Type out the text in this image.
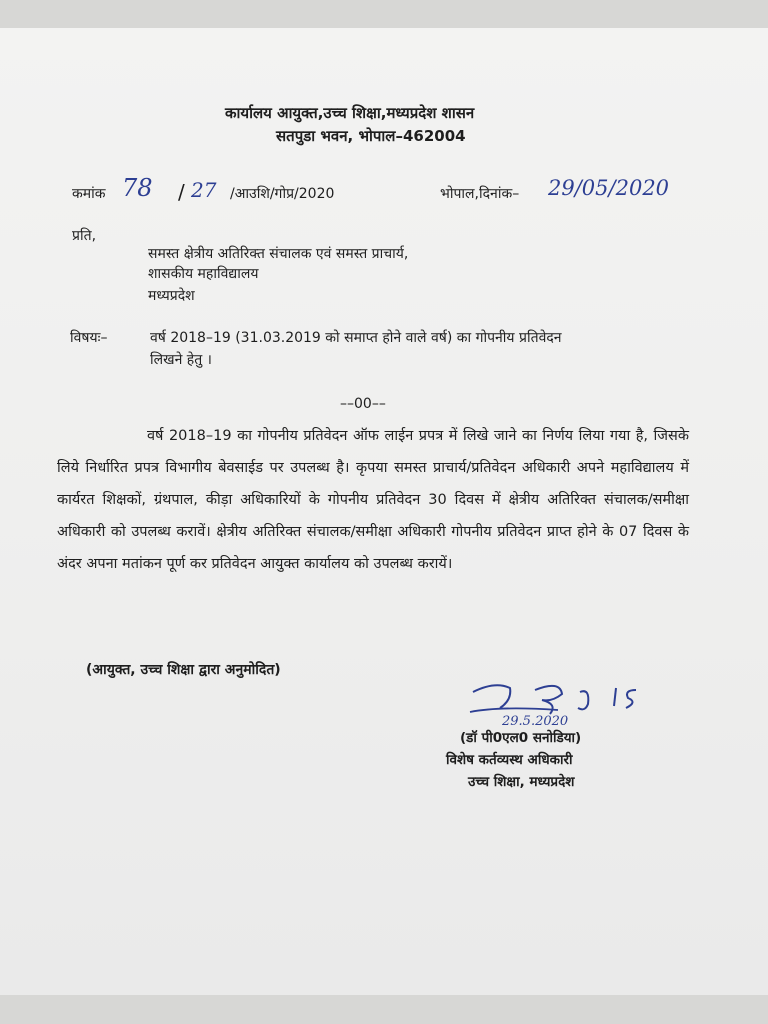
कार्यालय आयुक्त,उच्च शिक्षा,मध्यप्रदेश शासन
सतपुडा भवन, भोपाल–462004
कमांक 78 / 27 /आउशि/गोप्र/2020	भोपाल,दिनांक– 29/05/2020
प्रति,
समस्त क्षेत्रीय अतिरिक्त संचालक एवं समस्त प्राचार्य,
शासकीय महाविद्यालय
मध्यप्रदेश
विषयः–	वर्ष 2018–19 (31.03.2019 को समाप्त होने वाले वर्ष) का गोपनीय प्रतिवेदन
लिखने हेतु ।
––00––

वर्ष 2018–19 का गोपनीय प्रतिवेदन ऑफ लाईन प्रपत्र में लिखे जाने का निर्णय लिया गया है, जिसके लिये निर्धारित प्रपत्र विभागीय बेवसाईड पर उपलब्ध है। कृपया समस्त प्राचार्य/प्रतिवेदन अधिकारी अपने महाविद्यालय में कार्यरत शिक्षकों, ग्रंथपाल, कीड़ा अधिकारियों के गोपनीय प्रतिवेदन 30 दिवस में क्षेत्रीय अतिरिक्त संचालक/समीक्षा अधिकारी को उपलब्ध करावें। क्षेत्रीय अतिरिक्त संचालक/समीक्षा अधिकारी गोपनीय प्रतिवेदन प्राप्त होने के 07 दिवस के अंदर अपना मतांकन पूर्ण कर प्रतिवेदन आयुक्त कार्यालय को उपलब्ध करायें।

(आयुक्त, उच्च शिक्षा द्वारा अनुमोदित)
29.5.2020
(डॉ पी0एल0 सनोडिया)
विशेष कर्तव्यस्थ अधिकारी
उच्च शिक्षा, मध्यप्रदेश
